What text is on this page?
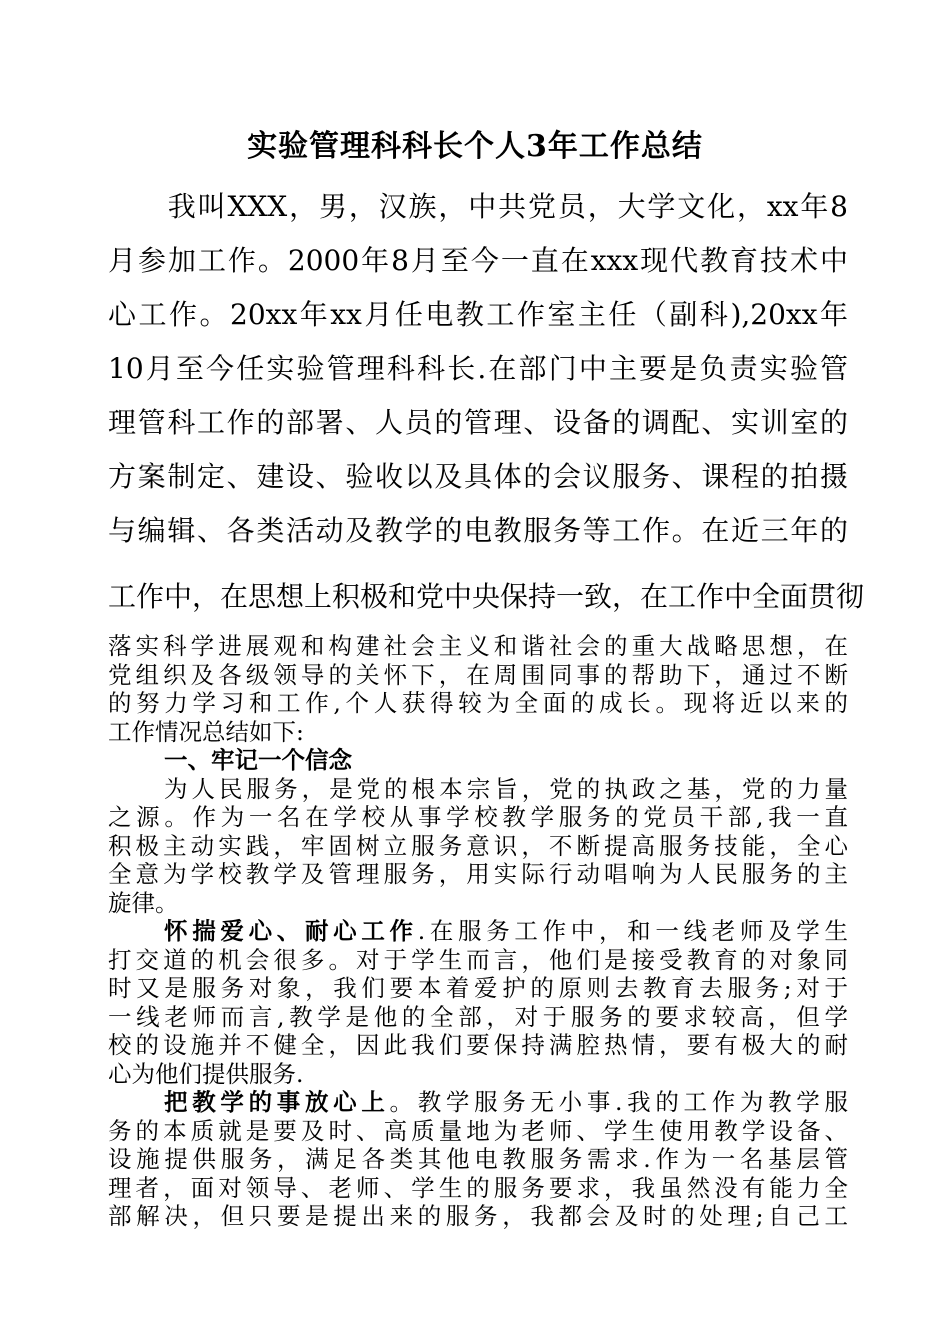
实验管理科科长个人3年工作总结
　　我叫XXX，男，汉族，中共党员，大学文化，xx年8
月参加工作。2000年8月至今一直在xxx现代教育技术中
心工作。20xx年xx月任电教工作室主任（副科),20xx年
10月至今任实验管理科科长.在部门中主要是负责实验管
理管科工作的部署、人员的管理、设备的调配、实训室的
方案制定、建设、验收以及具体的会议服务、课程的拍摄
与编辑、各类活动及教学的电教服务等工作。在近三年的
工作中，在思想上积极和党中央保持一致，在工作中全面贯彻
落实科学进展观和构建社会主义和谐社会的重大战略思想，在
党组织及各级领导的关怀下，在周围同事的帮助下，通过不断
的努力学习和工作,个人获得较为全面的成长。现将近以来的
工作情况总结如下:
一、牢记一个信念
为人民服务，是党的根本宗旨，党的执政之基，党的力量
之源。作为一名在学校从事学校教学服务的党员干部,我一直
积极主动实践，牢固树立服务意识，不断提高服务技能，全心
全意为学校教学及管理服务，用实际行动唱响为人民服务的主
旋律。
怀揣爱心、耐心工作.在服务工作中，和一线老师及学生
打交道的机会很多。对于学生而言，他们是接受教育的对象同
时又是服务对象，我们要本着爱护的原则去教育去服务;对于
一线老师而言,教学是他的全部，对于服务的要求较高，但学
校的设施并不健全，因此我们要保持满腔热情，要有极大的耐
心为他们提供服务.
把教学的事放心上。教学服务无小事.我的工作为教学服
务的本质就是要及时、高质量地为老师、学生使用教学设备、
设施提供服务，满足各类其他电教服务需求.作为一名基层管
理者，面对领导、老师、学生的服务要求，我虽然没有能力全
部解决，但只要是提出来的服务，我都会及时的处理;自己工
